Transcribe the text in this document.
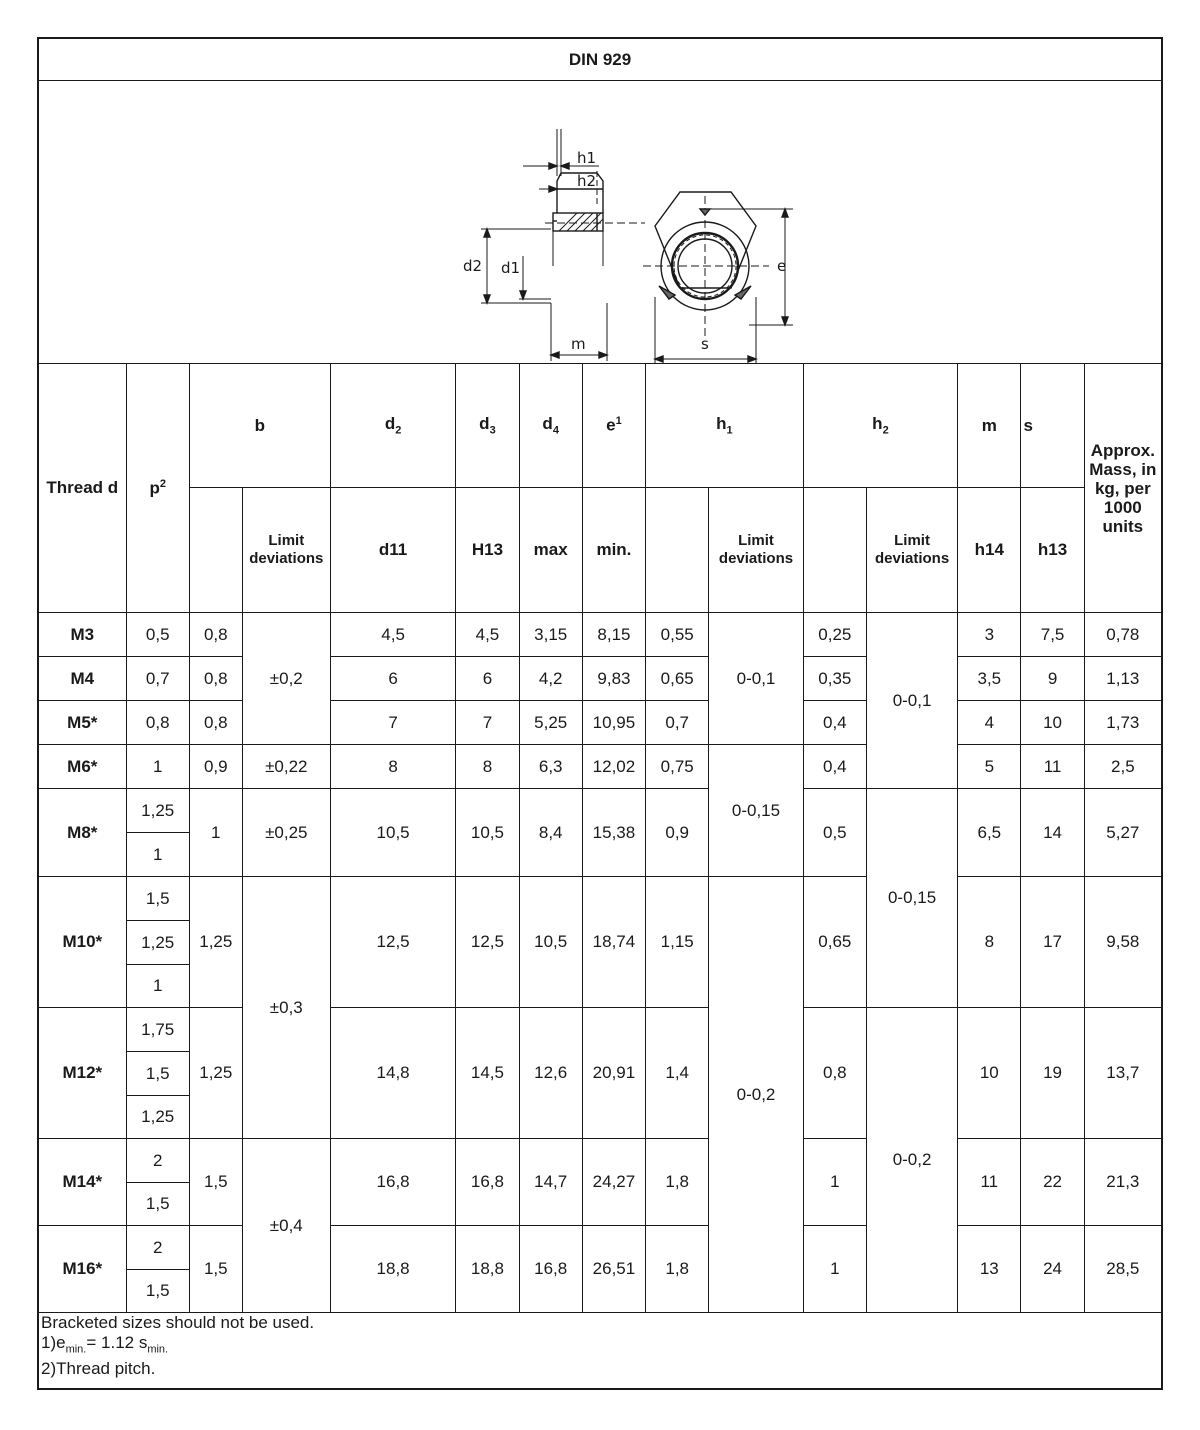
DIN 929
h1
h2
d2 d1	e
m	s
Thread d	$p^2$	b		$d_2$	$d_3$	$d_4$	$e^1$	$h_1$		$h_2$		m	s	Approx. Mass, in kg, per 1000 units
			Limit deviations	d11	H13	max	min.		Limit deviations		Limit deviations	h14	h13	
M3	0,5	0,8	±0,2	4,5	4,5	3,15	8,15	0,55	0-0,1	0,25	0-0,1	3	7,5	0,78
M4	0,7	0,8		6	6	4,2	9,83	0,65		0,35		3,5	9	1,13
M5*	0,8	0,8		7	7	5,25	10,95	0,7		0,4		4	10	1,73
M6*	1	0,9	±0,22	8	8	6,3	12,02	0,75	0-0,15	0,4		5	11	2,5
M8*	1,25	1	±0,25	10,5	10,5	8,4	15,38	0,9		0,5	0-0,15	6,5	14	5,27
	1													
M10*	1,5	1,25	±0,3	12,5	12,5	10,5	18,74	1,15	0-0,2	0,65		8	17	9,58
	1,25													
	1													
M12*	1,75	1,25		14,8	14,5	12,6	20,91	1,4		0,8	0-0,2	10	19	13,7
	1,5													
	1,25													
M14*	2	1,5	±0,4	16,8	16,8	14,7	24,27	1,8		1		11	22	21,3
	1,5													
M16*	2	1,5		18,8	18,8	16,8	26,51	1,8		1		13	24	28,5
	1,5													
Bracketed sizes should not be used.
$1)e_{min.}= 1.12$ $s_{min.}$
2)Thread pitch.
